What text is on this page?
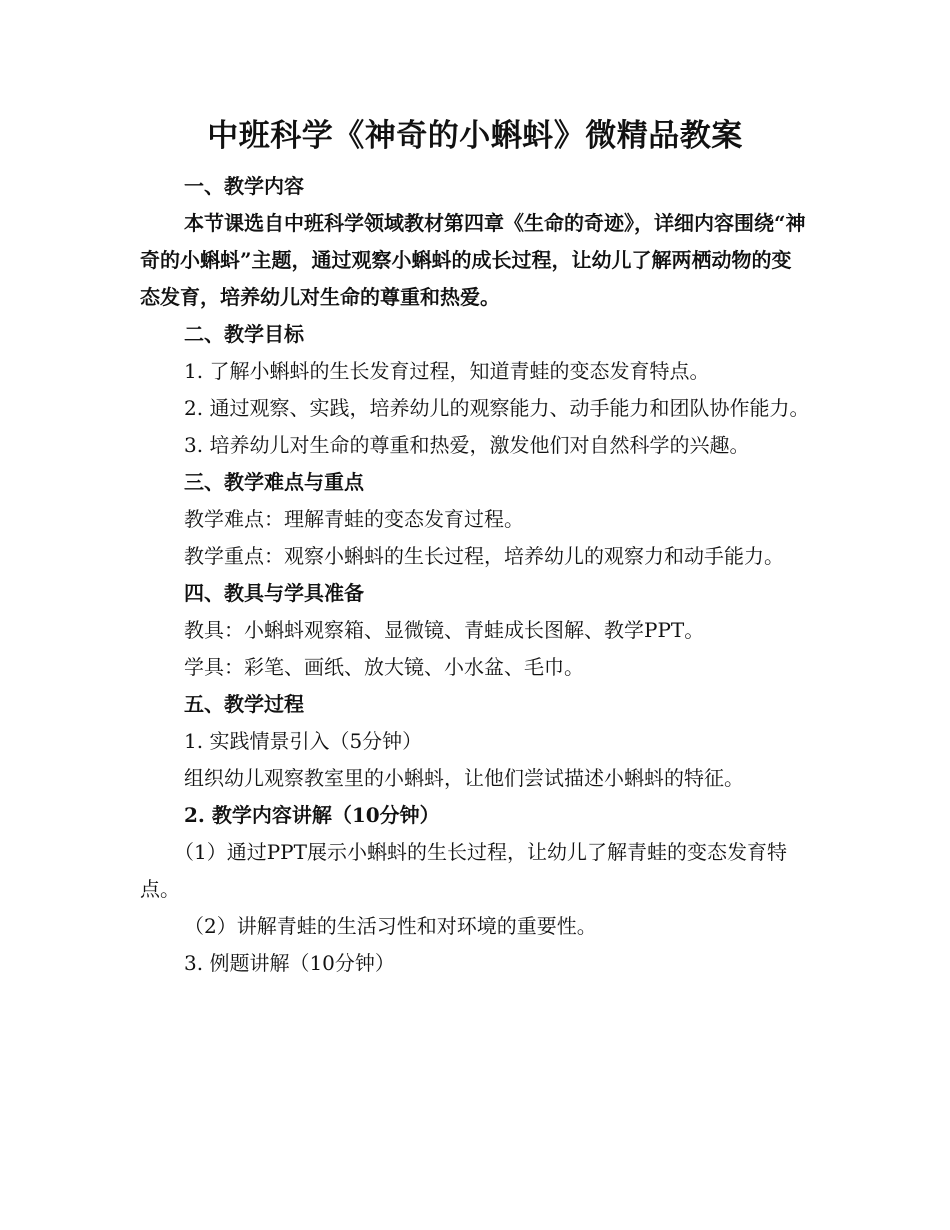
中班科学《神奇的小蝌蚪》微精品教案

一、教学内容

本节课选自中班科学领域教材第四章《生命的奇迹》，详细内容围绕“神奇的小蝌蚪”主题，通过观察小蝌蚪的成长过程，让幼儿了解两栖动物的变态发育，培养幼儿对生命的尊重和热爱。

二、教学目标

1. 了解小蝌蚪的生长发育过程，知道青蛙的变态发育特点。

2. 通过观察、实践，培养幼儿的观察能力、动手能力和团队协作能力。

3. 培养幼儿对生命的尊重和热爱，激发他们对自然科学的兴趣。

三、教学难点与重点

教学难点：理解青蛙的变态发育过程。

教学重点：观察小蝌蚪的生长过程，培养幼儿的观察力和动手能力。

四、教具与学具准备

教具：小蝌蚪观察箱、显微镜、青蛙成长图解、教学PPT。

学具：彩笔、画纸、放大镜、小水盆、毛巾。

五、教学过程

1. 实践情景引入（5分钟）

组织幼儿观察教室里的小蝌蚪，让他们尝试描述小蝌蚪的特征。

2. 教学内容讲解（10分钟）

（1）通过PPT展示小蝌蚪的生长过程，让幼儿了解青蛙的变态发育特点。

（2）讲解青蛙的生活习性和对环境的重要性。

3. 例题讲解（10分钟）
